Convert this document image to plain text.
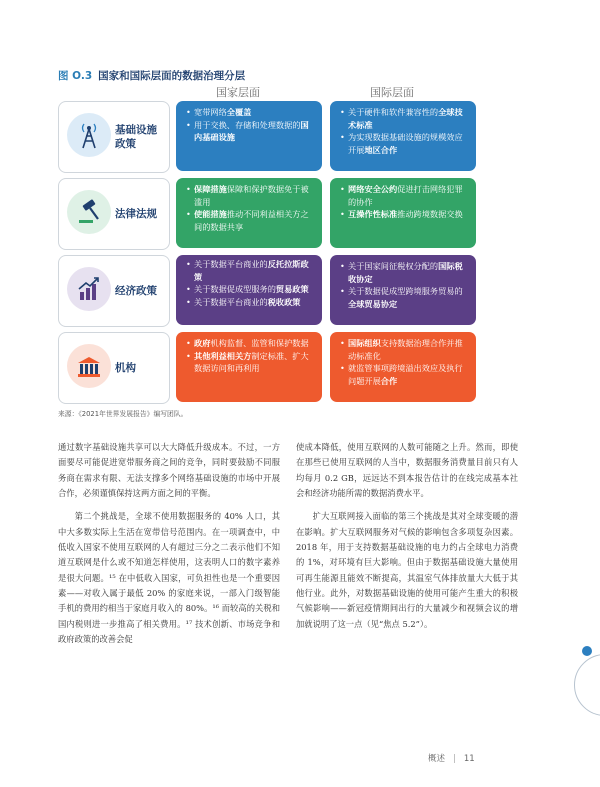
图 O.3 国家和国际层面的数据治理分层
国家层面	国际层面
基础设施
政策
• 宽带网络全覆盖
• 用于交换、存储和处理数据的国内基础设施
• 关于硬件和软件兼容性的全球技术标准
• 为实现数据基础设施的规模效应开展地区合作
法律法规
• 保障措施保障和保护数据免于被滥用
• 使能措施推动不同利益相关方之间的数据共享
• 网络安全公约促进打击网络犯罪的协作
• 互操作性标准推动跨境数据交换
经济政策
• 关于数据平台商业的反托拉斯政策
• 关于数据促成型服务的贸易政策
• 关于数据平台商业的税收政策
• 关于国家间征税权分配的国际税收协定
• 关于数据促成型跨境服务贸易的全球贸易协定
机构
• 政府机构监督、监管和保护数据
• 其他利益相关方制定标准、扩大数据访问和再利用
• 国际组织支持数据治理合作并推动标准化
• 就监管事项跨境溢出效应及执行问题开展合作
来源：《2021年世界发展报告》编写团队。

通过数字基础设施共享可以大大降低升级成本。不过，一方面要尽可能促进宽带服务商之间的竞争，同时要鼓励不同服务商在需求有限、无法支撑多个网络基础设施的市场中开展合作，必须谨慎保持这两方面之间的平衡。

第二个挑战是，全球不使用数据服务的 40% 人口，其中大多数实际上生活在宽带信号范围内。在一项调查中，中低收入国家不使用互联网的人有超过三分之二表示他们不知道互联网是什么或不知道怎样使用，这表明人口的数字素养是很大问题。¹⁵ 在中低收入国家，可负担性也是一个重要因素——对收入属于最低 20% 的家庭来说，一部入门级智能手机的费用约相当于家庭月收入的 80%。¹⁶ 而较高的关税和国内税则进一步推高了相关费用。¹⁷ 技术创新、市场竞争和政府政策的改善会促

使成本降低，使用互联网的人数可能随之上升。然而，即使在那些已使用互联网的人当中，数据服务消费量目前只有人均每月 0.2 GB，远远达不到本报告估计的在线完成基本社会和经济功能所需的数据消费水平。

扩大互联网接入面临的第三个挑战是其对全球变暖的潜在影响。扩大互联网服务对气候的影响包含多项复杂因素。2018 年，用于支持数据基础设施的电力约占全球电力消费的 1%，对环境有巨大影响。但由于数据基础设施大量使用可再生能源且能效不断提高，其温室气体排放量大大低于其他行业。此外，对数据基础设施的使用可能产生重大的积极气候影响——新冠疫情期间出行的大量减少和视频会议的增加就说明了这一点（见“焦点 5.2”）。

概述 | 11
